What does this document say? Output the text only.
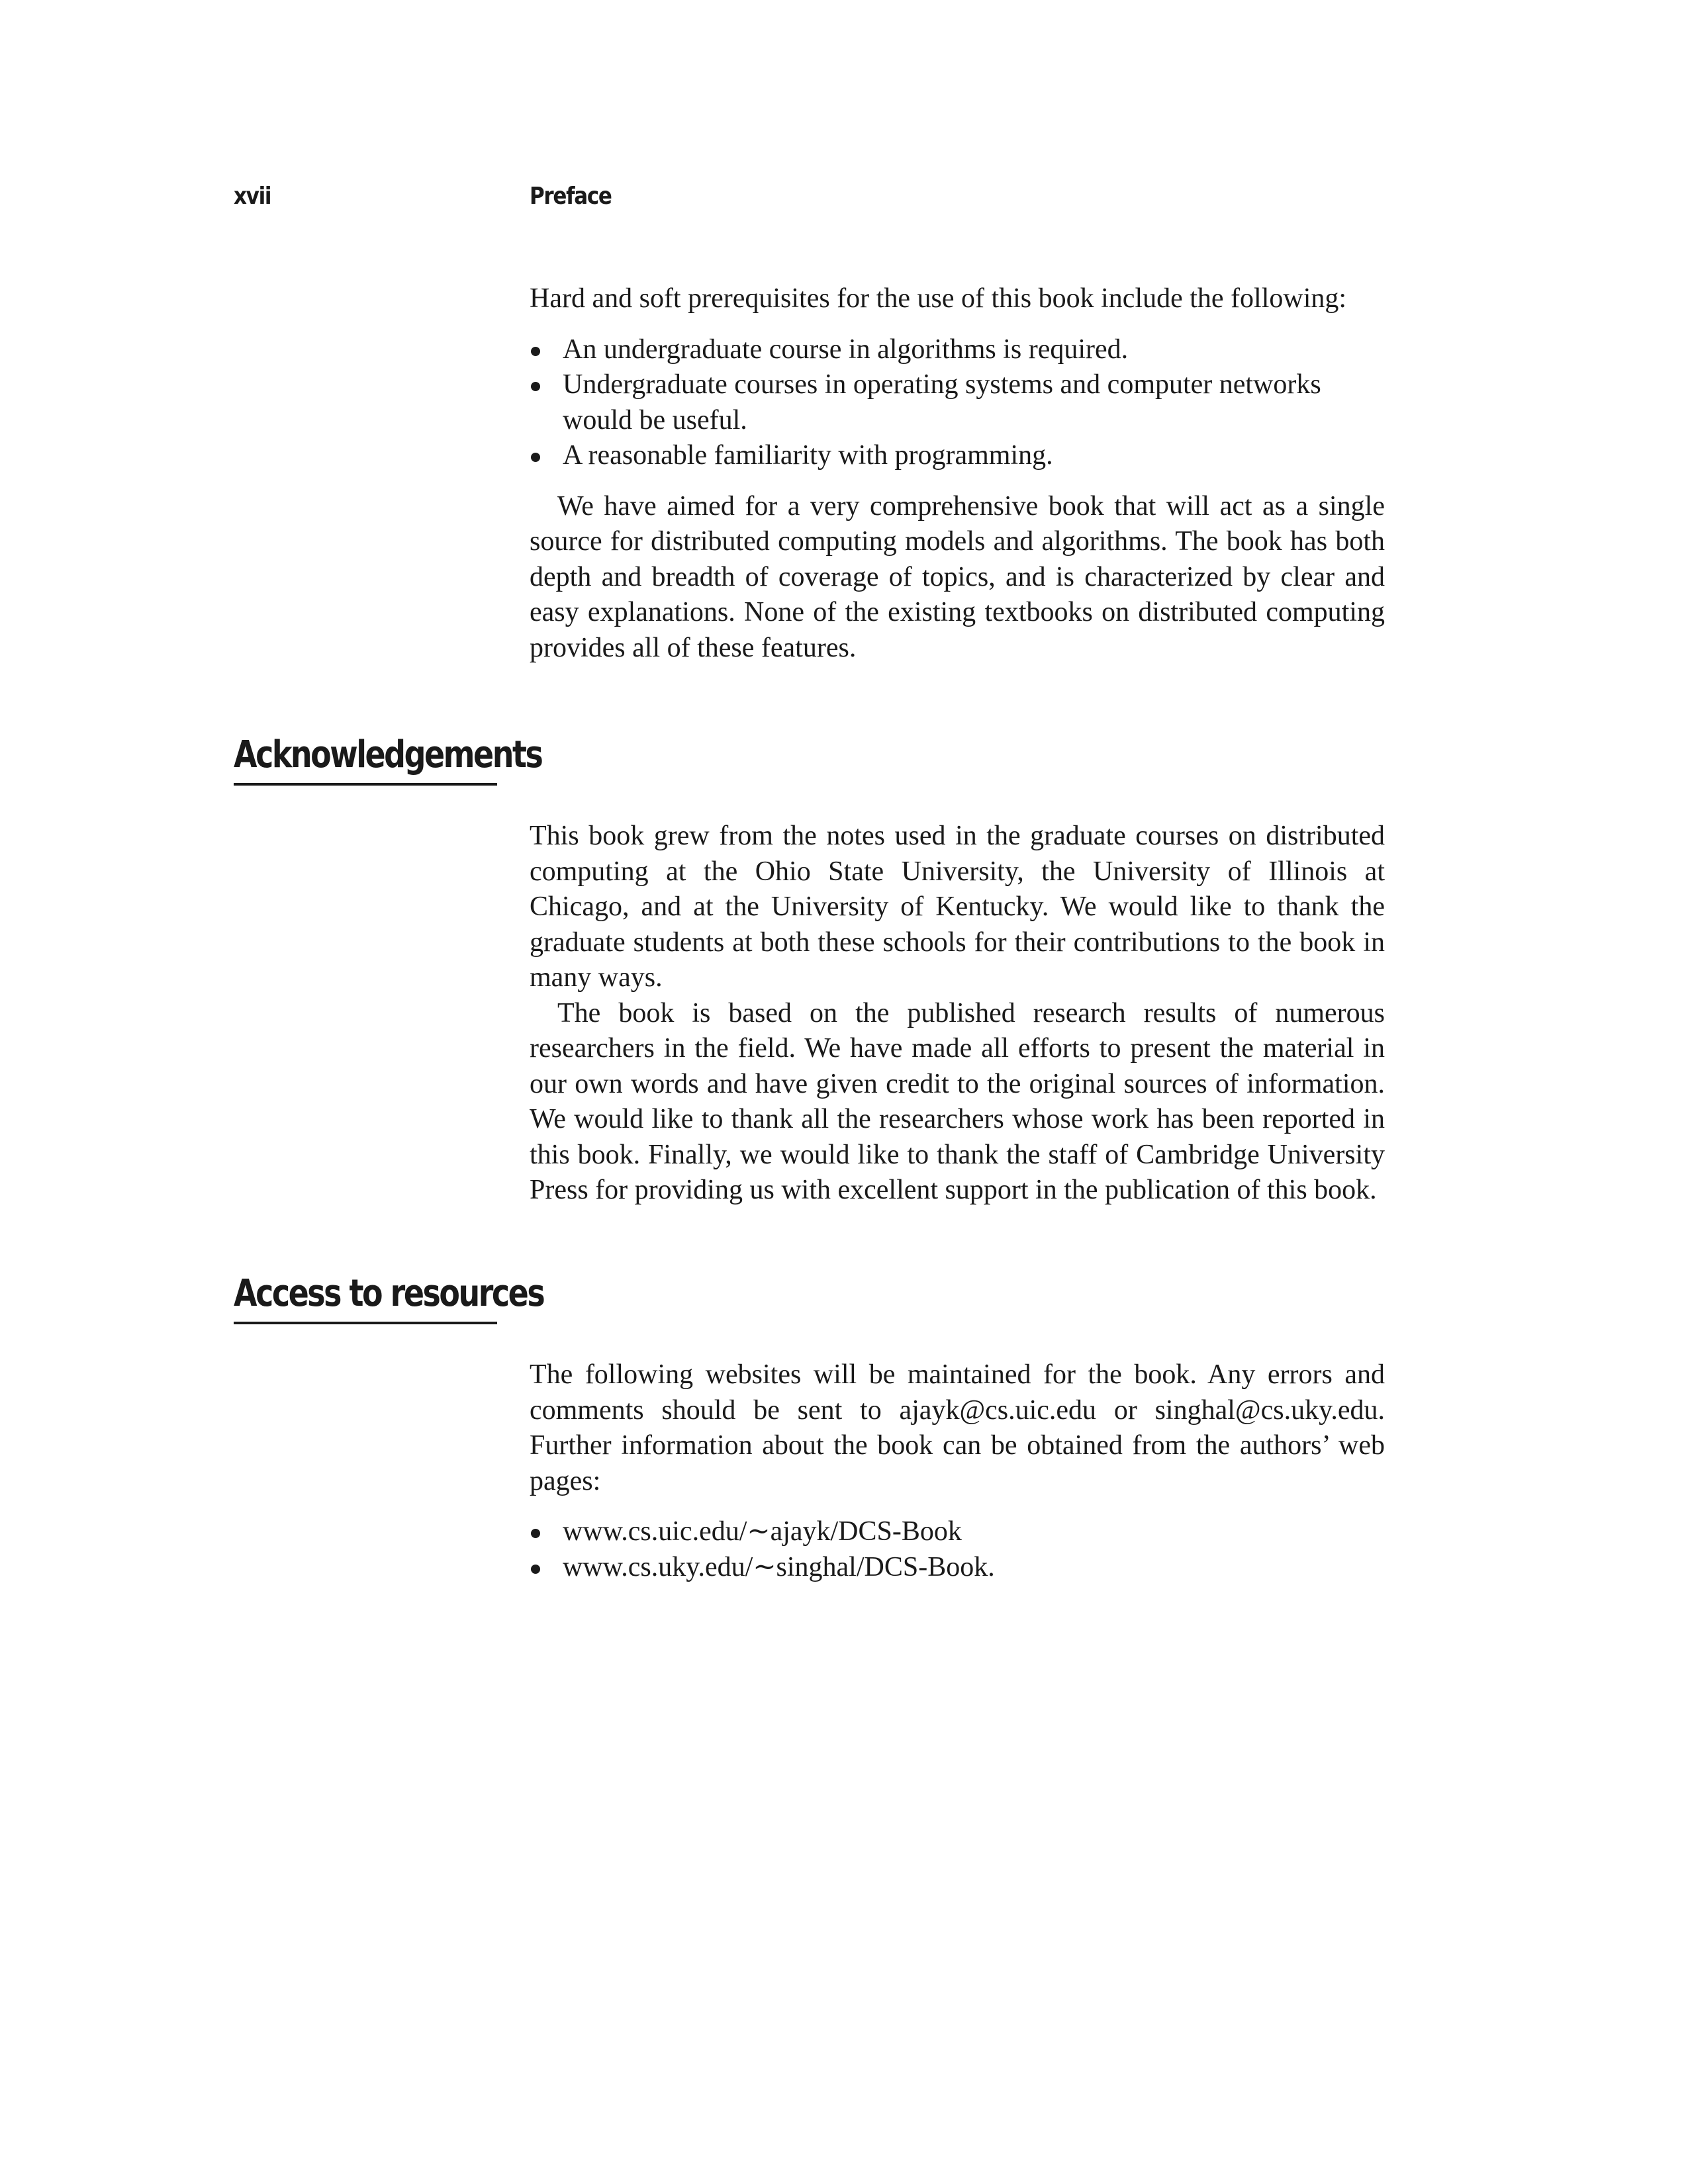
xvii	Preface

Hard and soft prerequisites for the use of this book include the following:

An undergraduate course in algorithms is required.
Undergraduate courses in operating systems and computer networks would be useful.
A reasonable familiarity with programming.

We have aimed for a very comprehensive book that will act as a single source for distributed computing models and algorithms. The book has both depth and breadth of coverage of topics, and is characterized by clear and easy explanations. None of the existing textbooks on distributed computing provides all of these features.

Acknowledgements

This book grew from the notes used in the graduate courses on distributed computing at the Ohio State University, the University of Illinois at Chicago, and at the University of Kentucky. We would like to thank the graduate students at both these schools for their contributions to the book in many ways.

The book is based on the published research results of numerous researchers in the field. We have made all efforts to present the material in our own words and have given credit to the original sources of information. We would like to thank all the researchers whose work has been reported in this book. Finally, we would like to thank the staff of Cambridge University Press for providing us with excellent support in the publication of this book.

Access to resources

The following websites will be maintained for the book. Any errors and comments should be sent to ajayk@cs.uic.edu or singhal@cs.uky.edu. Further information about the book can be obtained from the authors’ web pages:

www.cs.uic.edu/∼ajayk/DCS-Book
www.cs.uky.edu/∼singhal/DCS-Book.
